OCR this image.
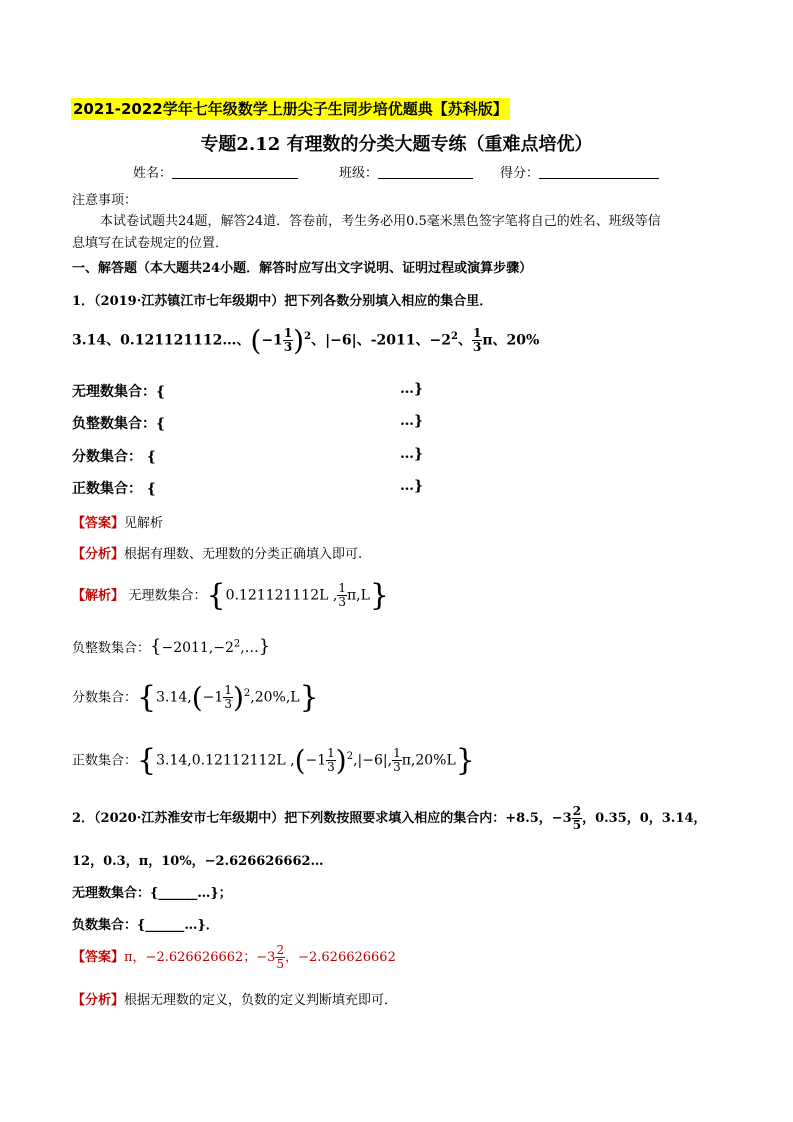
2021-2022学年七年级数学上册尖子生同步培优题典【苏科版】
专题2.12 有理数的分类大题专练（重难点培优）
姓名：	班级：	得分：
注意事项：
本试卷试题共24题，解答24道．答卷前，考生务必用0.5毫米黑色签字笔将自己的姓名、班级等信
息填写在试卷规定的位置．
一、解答题（本大题共24小题．解答时应写出文字说明、证明过程或演算步骤）
1．（2019·江苏镇江市七年级期中）把下列各数分别填入相应的集合里．
3.14、0.121121112…、$(-1 \frac{1}{3} )^2$、|−6|、-2011、$-2^2$、 $\frac{1}{3}$ π、20%
无理数集合：{	…}
负整数集合：{	…}
分数集合： {	…}
正数集合： {	…}
【答案】见解析
【分析】根据有理数、无理数的分类正确填入即可.
【解析】 无理数集合：{0.121121112L , $\frac{1}{3} \pi,L$}
负整数集合：$\{-2011,-2^2,\dots\}$
分数集合：$\{3.14,(-1 \frac{1}{3} )^2,20\%,L\}$
正数集合：{3.14,0.12112112L $,(-1 \frac{1}{3} )^2,|-6|$, $\frac{1}{3} \pi,20\%L$}
2．（2020·江苏淮安市七年级期中）把下列数按照要求填入相应的集合内：+8.5，$-3 \frac{2}{5}$ ，0.35，0，3.14，
12，0.3，π，10%，−2.626626662…
无理数集合：{______…}；
负数集合：{______…}．
【答案】π，−2.626626662；$-3 \frac{2}{5}$ ，−2.626626662
【分析】根据无理数的定义，负数的定义判断填充即可．
